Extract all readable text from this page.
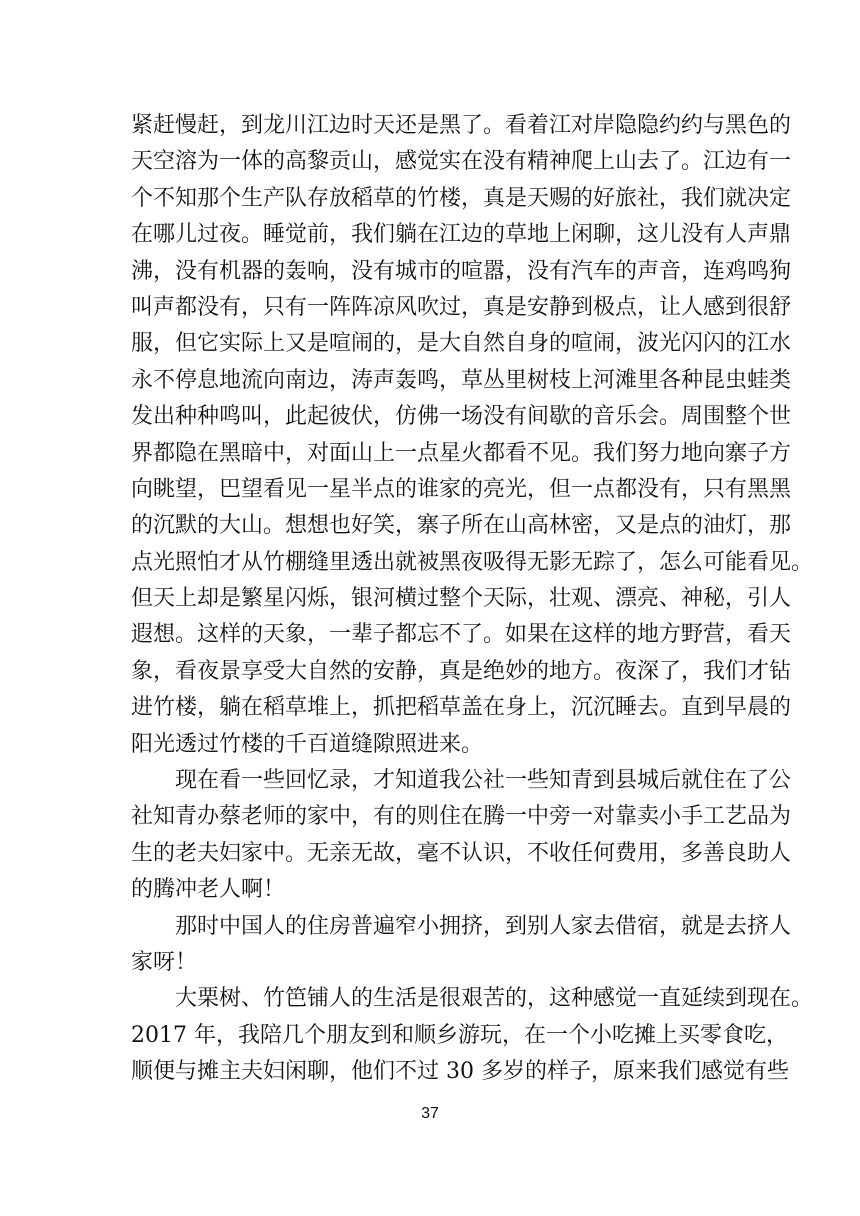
紧赶慢赶，到龙川江边时天还是黑了。看着江对岸隐隐约约与黑色的
天空溶为一体的高黎贡山，感觉实在没有精神爬上山去了。江边有一
个不知那个生产队存放稻草的竹楼，真是天赐的好旅社，我们就决定
在哪儿过夜。睡觉前，我们躺在江边的草地上闲聊，这儿没有人声鼎
沸，没有机器的轰响，没有城市的喧嚣，没有汽车的声音，连鸡鸣狗
叫声都没有，只有一阵阵凉风吹过，真是安静到极点，让人感到很舒
服，但它实际上又是喧闹的，是大自然自身的喧闹，波光闪闪的江水
永不停息地流向南边，涛声轰鸣，草丛里树枝上河滩里各种昆虫蛙类
发出种种鸣叫，此起彼伏，仿佛一场没有间歇的音乐会。周围整个世
界都隐在黑暗中，对面山上一点星火都看不见。我们努力地向寨子方
向眺望，巴望看见一星半点的谁家的亮光，但一点都没有，只有黑黑
的沉默的大山。想想也好笑，寨子所在山高林密，又是点的油灯，那
点光照怕才从竹棚缝里透出就被黑夜吸得无影无踪了，怎么可能看见。
但天上却是繁星闪烁，银河横过整个天际，壮观、漂亮、神秘，引人
遐想。这样的天象，一辈子都忘不了。如果在这样的地方野营，看天
象，看夜景享受大自然的安静，真是绝妙的地方。夜深了，我们才钻
进竹楼，躺在稻草堆上，抓把稻草盖在身上，沉沉睡去。直到早晨的
阳光透过竹楼的千百道缝隙照进来。
现在看一些回忆录，才知道我公社一些知青到县城后就住在了公
社知青办蔡老师的家中，有的则住在腾一中旁一对靠卖小手工艺品为
生的老夫妇家中。无亲无故，毫不认识，不收任何费用，多善良助人
的腾冲老人啊！
那时中国人的住房普遍窄小拥挤，到别人家去借宿，就是去挤人
家呀！
大栗树、竹笆铺人的生活是很艰苦的，这种感觉一直延续到现在。
2017 年，我陪几个朋友到和顺乡游玩，在一个小吃摊上买零食吃，
顺便与摊主夫妇闲聊，他们不过 30 多岁的样子，原来我们感觉有些
37
